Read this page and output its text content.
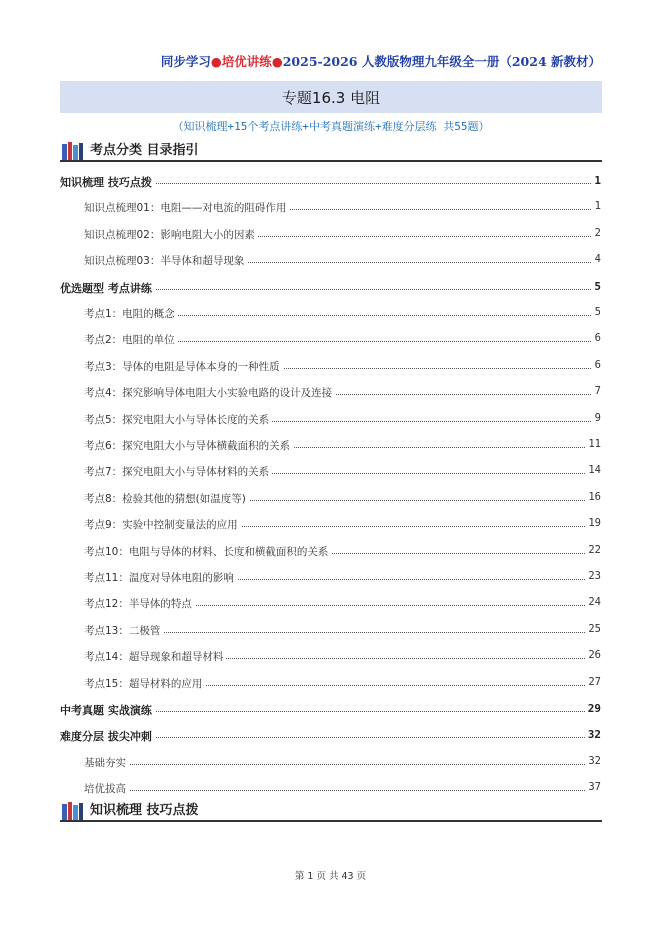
同步学习●培优讲练●2025-2026 人教版物理九年级全一册（2024 新教材）
专题16.3 电阻
（知识梳理+15个考点讲练+中考真题演练+难度分层练 共55题）
考点分类 目录指引
知识梳理 技巧点拨	1
知识点梳理01：电阻——对电流的阻碍作用	1
知识点梳理02：影响电阻大小的因素	2
知识点梳理03：半导体和超导现象	4
优选题型 考点讲练	5
考点1：电阻的概念	5
考点2：电阻的单位	6
考点3：导体的电阻是导体本身的一种性质	6
考点4：探究影响导体电阻大小实验电路的设计及连接	7
考点5：探究电阻大小与导体长度的关系	9
考点6：探究电阻大小与导体横截面积的关系	11
考点7：探究电阻大小与导体材料的关系	14
考点8：检验其他的猜想(如温度等)	16
考点9：实验中控制变量法的应用	19
考点10：电阻与导体的材料、长度和横截面积的关系	22
考点11：温度对导体电阻的影响	23
考点12：半导体的特点	24
考点13：二极管	25
考点14：超导现象和超导材料	26
考点15：超导材料的应用	27
中考真题 实战演练	29
难度分层 拔尖冲刺	32
基础夯实	32
培优拔高	37
知识梳理 技巧点拨
第 1 页 共 43 页
